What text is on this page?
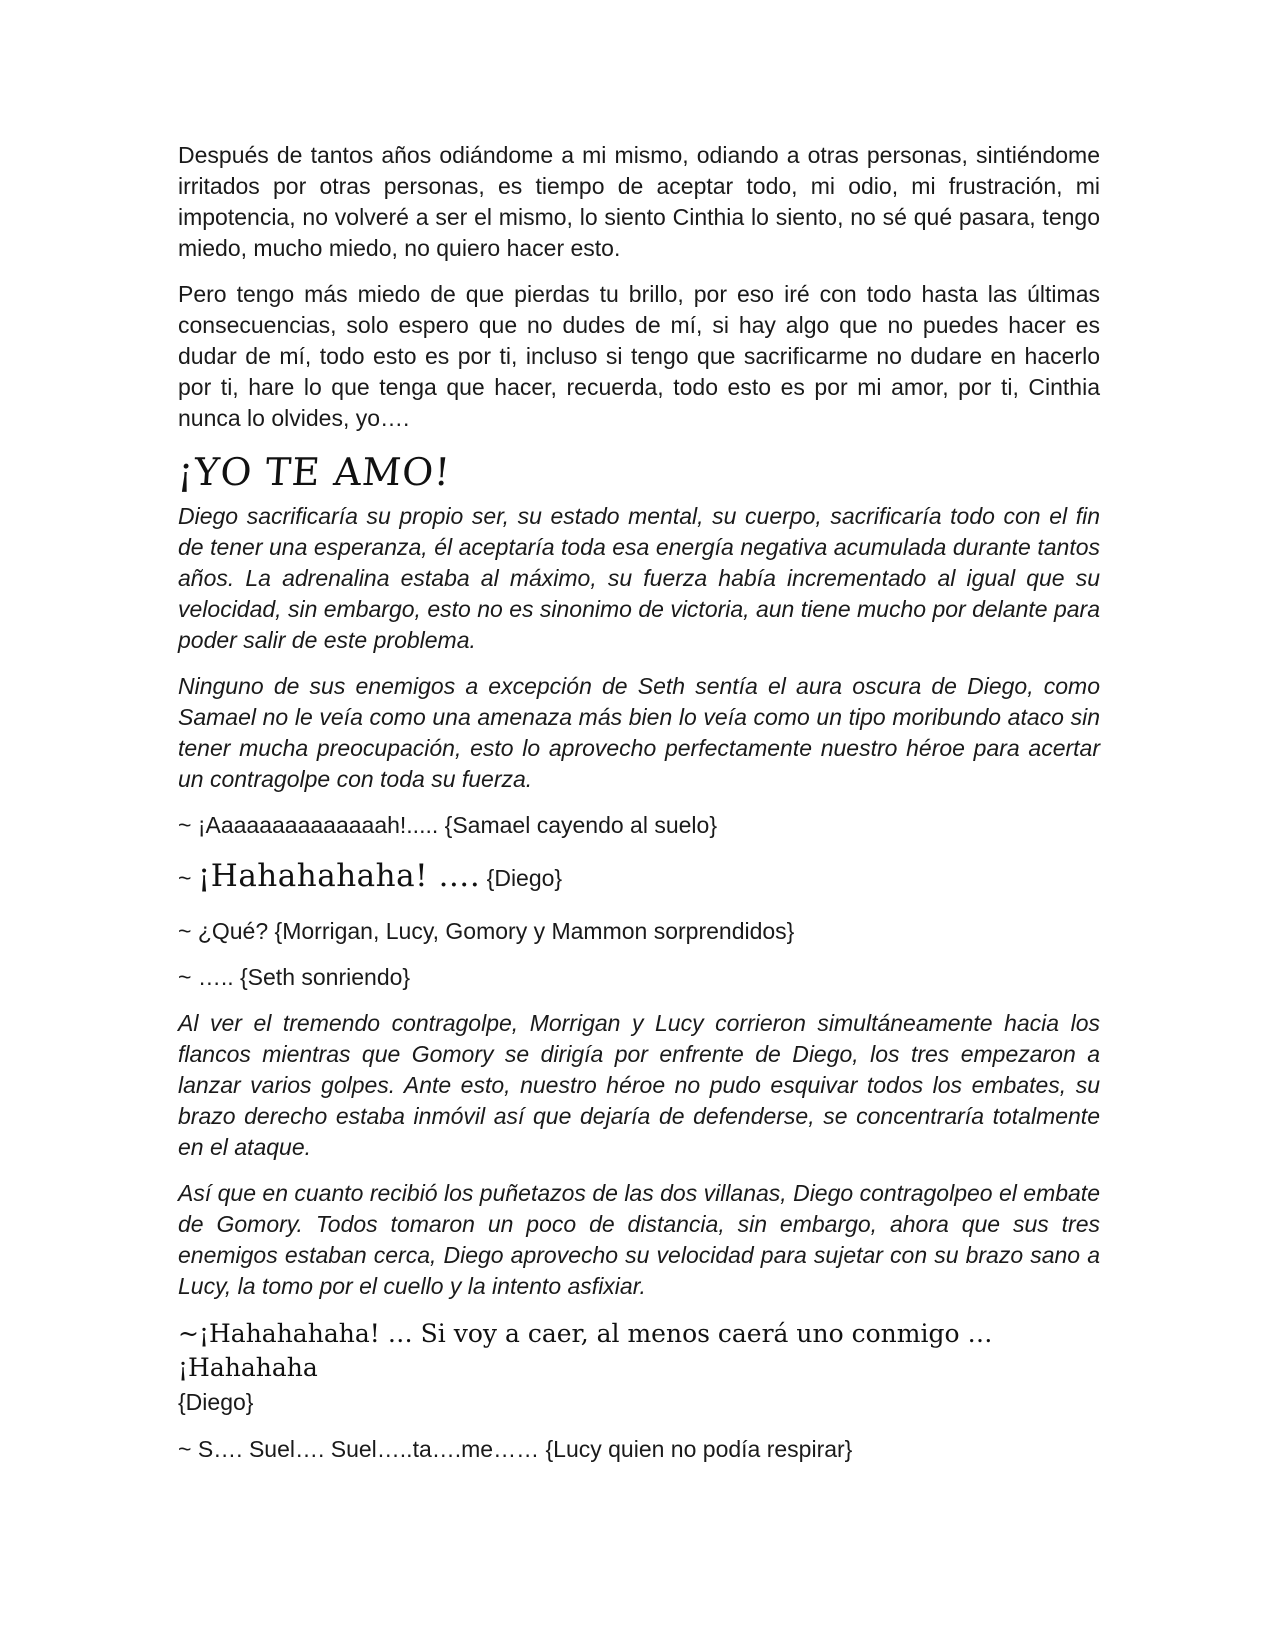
Después de tantos años odiándome a mi mismo, odiando a otras personas, sintiéndome irritados por otras personas, es tiempo de aceptar todo, mi odio, mi frustración, mi impotencia, no volveré a ser el mismo, lo siento Cinthia lo siento, no sé qué pasara, tengo miedo, mucho miedo, no quiero hacer esto.

Pero tengo más miedo de que pierdas tu brillo, por eso iré con todo hasta las últimas consecuencias, solo espero que no dudes de mí, si hay algo que no puedes hacer es dudar de mí, todo esto es por ti, incluso si tengo que sacrificarme no dudare en hacerlo por ti, hare lo que tenga que hacer, recuerda, todo esto es por mi amor, por ti, Cinthia nunca lo olvides, yo….

¡YO TE AMO!

Diego sacrificaría su propio ser, su estado mental, su cuerpo, sacrificaría todo con el fin de tener una esperanza, él aceptaría toda esa energía negativa acumulada durante tantos años. La adrenalina estaba al máximo, su fuerza había incrementado al igual que su velocidad, sin embargo, esto no es sinonimo de victoria, aun tiene mucho por delante para poder salir de este problema.

Ninguno de sus enemigos a excepción de Seth sentía el aura oscura de Diego, como Samael no le veía como una amenaza más bien lo veía como un tipo moribundo ataco sin tener mucha preocupación, esto lo aprovecho perfectamente nuestro héroe para acertar un contragolpe con toda su fuerza.

~ ¡Aaaaaaaaaaaaaah!..... {Samael cayendo al suelo}

~ ¡Hahahahaha! …. {Diego}

~ ¿Qué? {Morrigan, Lucy, Gomory y Mammon sorprendidos}

~ ….. {Seth sonriendo}

Al ver el tremendo contragolpe, Morrigan y Lucy corrieron simultáneamente hacia los flancos mientras que Gomory se dirigía por enfrente de Diego, los tres empezaron a lanzar varios golpes. Ante esto, nuestro héroe no pudo esquivar todos los embates, su brazo derecho estaba inmóvil así que dejaría de defenderse, se concentraría totalmente en el ataque.

Así que en cuanto recibió los puñetazos de las dos villanas, Diego contragolpeo el embate de Gomory. Todos tomaron un poco de distancia, sin embargo, ahora que sus tres enemigos estaban cerca, Diego aprovecho su velocidad para sujetar con su brazo sano a Lucy, la tomo por el cuello y la intento asfixiar.

~¡Hahahahaha! … Si voy a caer, al menos caerá uno conmigo … ¡Hahahaha
{Diego}

~ S…. Suel…. Suel…..ta….me…… {Lucy quien no podía respirar}
